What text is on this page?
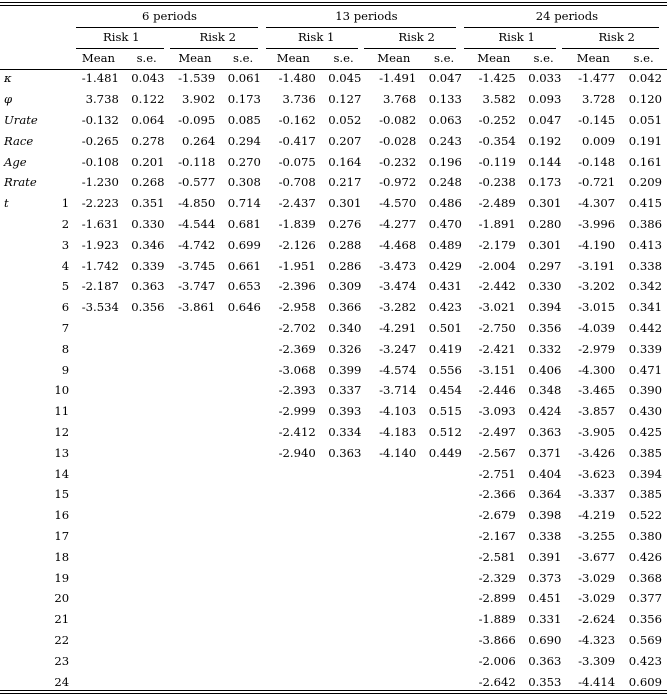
		6 periods				13 periods				24 periods			
		Risk 1		Risk 2		Risk 1		Risk 2		Risk 1		Risk 2	
		Mean	s.e.	Mean	s.e.	Mean	s.e.	Mean	s.e.	Mean	s.e.	Mean	s.e.
κ		-1.481	0.043	-1.539	0.061	-1.480	0.045	-1.491	0.047	-1.425	0.033	-1.477	0.042
φ		3.738	0.122	3.902	0.173	3.736	0.127	3.768	0.133	3.582	0.093	3.728	0.120
Urate		-0.132	0.064	-0.095	0.085	-0.162	0.052	-0.082	0.063	-0.252	0.047	-0.145	0.051
Race		-0.265	0.278	0.264	0.294	-0.417	0.207	-0.028	0.243	-0.354	0.192	0.009	0.191
Age		-0.108	0.201	-0.118	0.270	-0.075	0.164	-0.232	0.196	-0.119	0.144	-0.148	0.161
Rrate		-1.230	0.268	-0.577	0.308	-0.708	0.217	-0.972	0.248	-0.238	0.173	-0.721	0.209
t	1	-2.223	0.351	-4.850	0.714	-2.437	0.301	-4.570	0.486	-2.489	0.301	-4.307	0.415
	2	-1.631	0.330	-4.544	0.681	-1.839	0.276	-4.277	0.470	-1.891	0.280	-3.996	0.386
	3	-1.923	0.346	-4.742	0.699	-2.126	0.288	-4.468	0.489	-2.179	0.301	-4.190	0.413
	4	-1.742	0.339	-3.745	0.661	-1.951	0.286	-3.473	0.429	-2.004	0.297	-3.191	0.338
	5	-2.187	0.363	-3.747	0.653	-2.396	0.309	-3.474	0.431	-2.442	0.330	-3.202	0.342
	6	-3.534	0.356	-3.861	0.646	-2.958	0.366	-3.282	0.423	-3.021	0.394	-3.015	0.341
	7					-2.702	0.340	-4.291	0.501	-2.750	0.356	-4.039	0.442
	8					-2.369	0.326	-3.247	0.419	-2.421	0.332	-2.979	0.339
	9					-3.068	0.399	-4.574	0.556	-3.151	0.406	-4.300	0.471
	10					-2.393	0.337	-3.714	0.454	-2.446	0.348	-3.465	0.390
	11					-2.999	0.393	-4.103	0.515	-3.093	0.424	-3.857	0.430
	12					-2.412	0.334	-4.183	0.512	-2.497	0.363	-3.905	0.425
	13					-2.940	0.363	-4.140	0.449	-2.567	0.371	-3.426	0.385
	14									-2.751	0.404	-3.623	0.394
	15									-2.366	0.364	-3.337	0.385
	16									-2.679	0.398	-4.219	0.522
	17									-2.167	0.338	-3.255	0.380
	18									-2.581	0.391	-3.677	0.426
	19									-2.329	0.373	-3.029	0.368
	20									-2.899	0.451	-3.029	0.377
	21									-1.889	0.331	-2.624	0.356
	22									-3.866	0.690	-4.323	0.569
	23									-2.006	0.363	-3.309	0.423
	24									-2.642	0.353	-4.414	0.609
